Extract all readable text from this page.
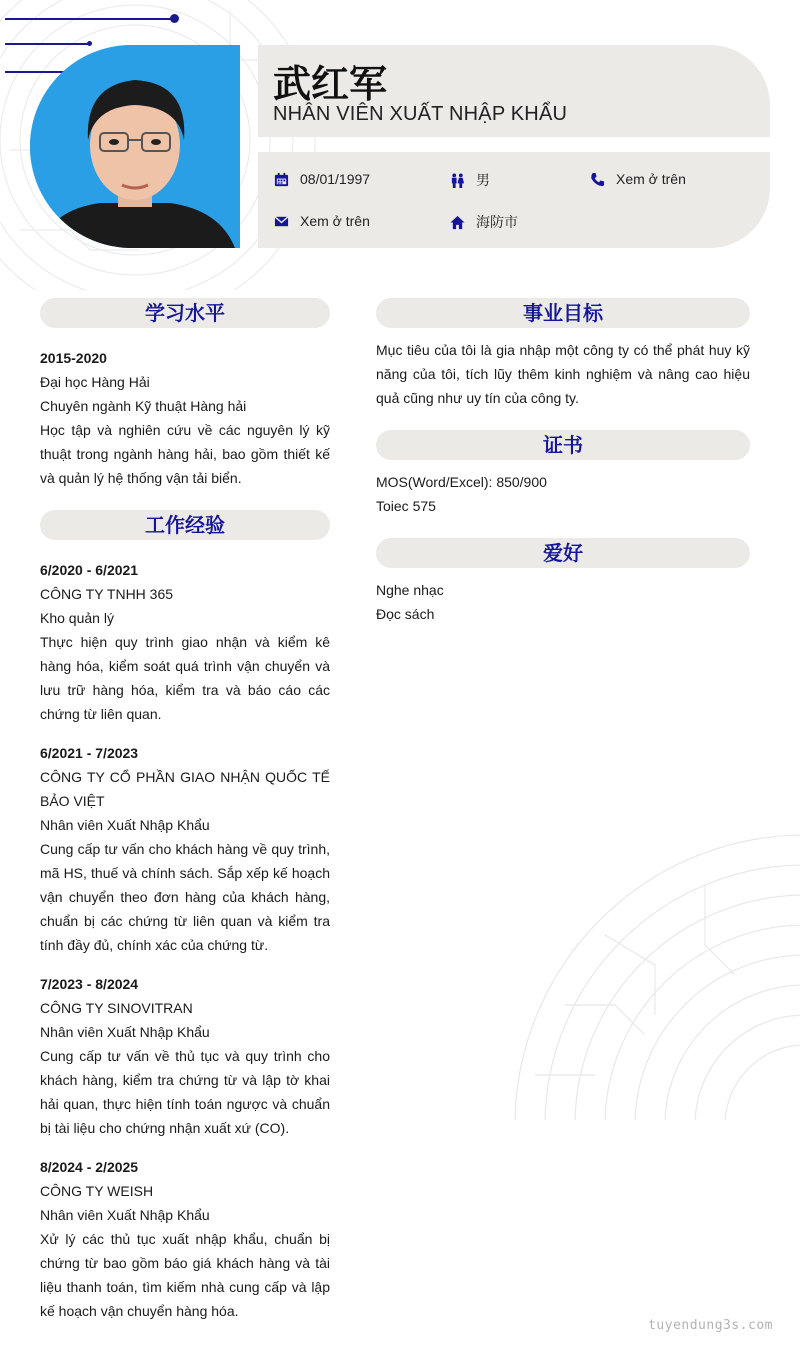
武红军
NHÂN VIÊN XUẤT NHẬP KHẨU
08/01/1997	男	Xem ở trên
Xem ở trên	海防市
学习水平
2015-2020
Đại học Hàng Hải
Chuyên ngành Kỹ thuật Hàng hải
Học tập và nghiên cứu về các nguyên lý kỹ thuật trong ngành hàng hải, bao gồm thiết kế và quản lý hệ thống vận tải biển.
工作经验
6/2020 - 6/2021
CÔNG TY TNHH 365
Kho quản lý
Thực hiện quy trình giao nhận và kiểm kê hàng hóa, kiểm soát quá trình vận chuyển và lưu trữ hàng hóa, kiểm tra và báo cáo các chứng từ liên quan.
6/2021 - 7/2023
CÔNG TY CỔ PHẦN GIAO NHẬN QUỐC TẾ BẢO VIỆT
Nhân viên Xuất Nhập Khẩu
Cung cấp tư vấn cho khách hàng về quy trình, mã HS, thuế và chính sách. Sắp xếp kế hoạch vận chuyển theo đơn hàng của khách hàng, chuẩn bị các chứng từ liên quan và kiểm tra tính đầy đủ, chính xác của chứng từ.
7/2023 - 8/2024
CÔNG TY SINOVITRAN
Nhân viên Xuất Nhập Khẩu
Cung cấp tư vấn về thủ tục và quy trình cho khách hàng, kiểm tra chứng từ và lập tờ khai hải quan, thực hiện tính toán ngược và chuẩn bị tài liệu cho chứng nhận xuất xứ (CO).
8/2024 - 2/2025
CÔNG TY WEISH
Nhân viên Xuất Nhập Khẩu
Xử lý các thủ tục xuất nhập khẩu, chuẩn bị chứng từ bao gồm báo giá khách hàng và tài liệu thanh toán, tìm kiếm nhà cung cấp và lập kế hoạch vận chuyển hàng hóa.
事业目标
Mục tiêu của tôi là gia nhập một công ty có thể phát huy kỹ năng của tôi, tích lũy thêm kinh nghiệm và nâng cao hiệu quả cũng như uy tín của công ty.
证书
MOS(Word/Excel): 850/900
Toiec 575
爱好
Nghe nhạc
Đọc sách
tuyendung3s.com
